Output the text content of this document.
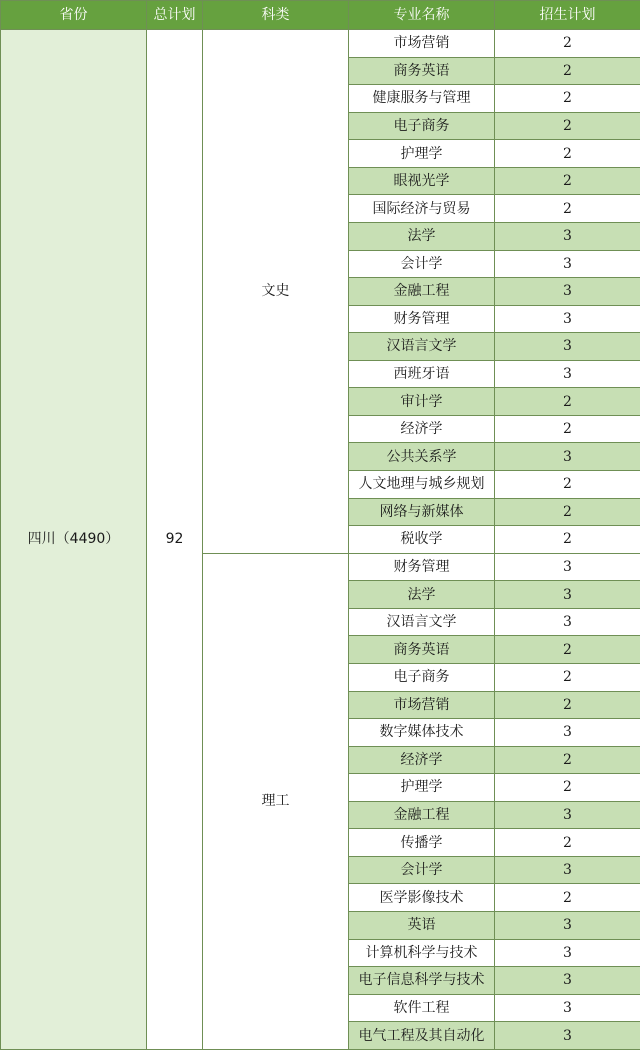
省份	总计划	科类	专业名称	招生计划
四川（4490）	92	文史	市场营销	2
			商务英语	2
			健康服务与管理	2
			电子商务	2
			护理学	2
			眼视光学	2
			国际经济与贸易	2
			法学	3
			会计学	3
			金融工程	3
			财务管理	3
			汉语言文学	3
			西班牙语	3
			审计学	2
			经济学	2
			公共关系学	3
			人文地理与城乡规划	2
			网络与新媒体	2
			税收学	2
		理工	财务管理	3
			法学	3
			汉语言文学	3
			商务英语	2
			电子商务	2
			市场营销	2
			数字媒体技术	3
			经济学	2
			护理学	2
			金融工程	3
			传播学	2
			会计学	3
			医学影像技术	2
			英语	3
			计算机科学与技术	3
			电子信息科学与技术	3
			软件工程	3
			电气工程及其自动化	3
